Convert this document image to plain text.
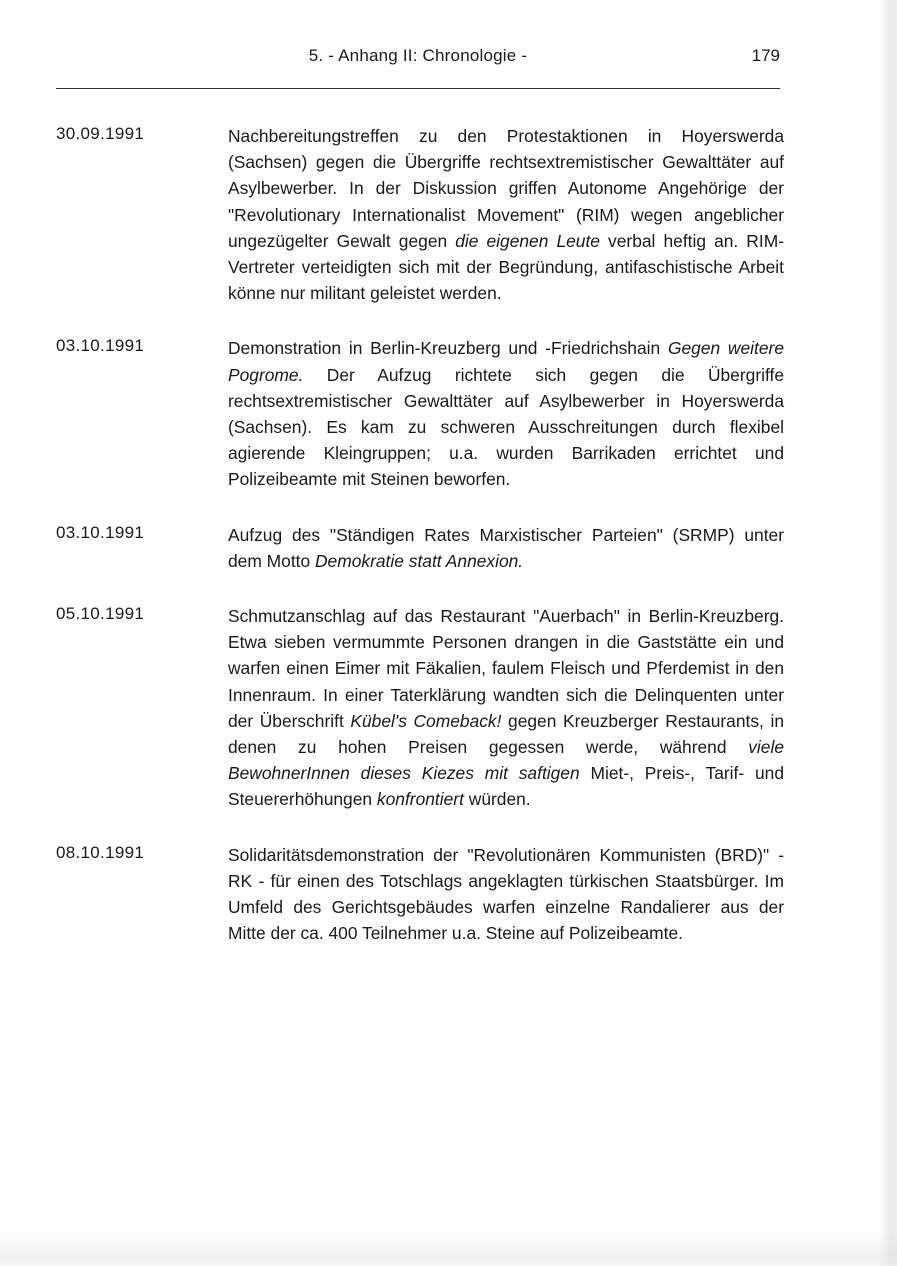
5. - Anhang II: Chronologie -	179
30.09.1991	Nachbereitungstreffen zu den Protestaktionen in Hoyerswerda (Sachsen) gegen die Übergriffe rechtsextremistischer Gewalttäter auf Asylbewerber. In der Diskussion griffen Autonome Angehörige der "Revolutionary Internationalist Movement" (RIM) wegen angeblicher ungezügelter Gewalt gegen die eigenen Leute verbal heftig an. RIM-Vertreter verteidigten sich mit der Begründung, antifaschistische Arbeit könne nur militant geleistet werden.
03.10.1991	Demonstration in Berlin-Kreuzberg und -Friedrichshain Gegen weitere Pogrome. Der Aufzug richtete sich gegen die Übergriffe rechtsextremistischer Gewalttäter auf Asylbewerber in Hoyerswerda (Sachsen). Es kam zu schweren Ausschreitungen durch flexibel agierende Kleingruppen; u.a. wurden Barrikaden errichtet und Polizeibeamte mit Steinen beworfen.
03.10.1991	Aufzug des "Ständigen Rates Marxistischer Parteien" (SRMP) unter dem Motto Demokratie statt Annexion.
05.10.1991	Schmutzanschlag auf das Restaurant "Auerbach" in Berlin-Kreuzberg. Etwa sieben vermummte Personen drangen in die Gaststätte ein und warfen einen Eimer mit Fäkalien, faulem Fleisch und Pferdemist in den Innenraum. In einer Taterklärung wandten sich die Delinquenten unter der Überschrift Kübel's Comeback! gegen Kreuzberger Restaurants, in denen zu hohen Preisen gegessen werde, während viele BewohnerInnen dieses Kiezes mit saftigen Miet-, Preis-, Tarif- und Steuererhöhungen konfrontiert würden.
08.10.1991	Solidaritätsdemonstration der "Revolutionären Kommunisten (BRD)" - RK - für einen des Totschlags angeklagten türkischen Staatsbürger. Im Umfeld des Gerichtsgebäudes warfen einzelne Randalierer aus der Mitte der ca. 400 Teilnehmer u.a. Steine auf Polizeibeamte.
